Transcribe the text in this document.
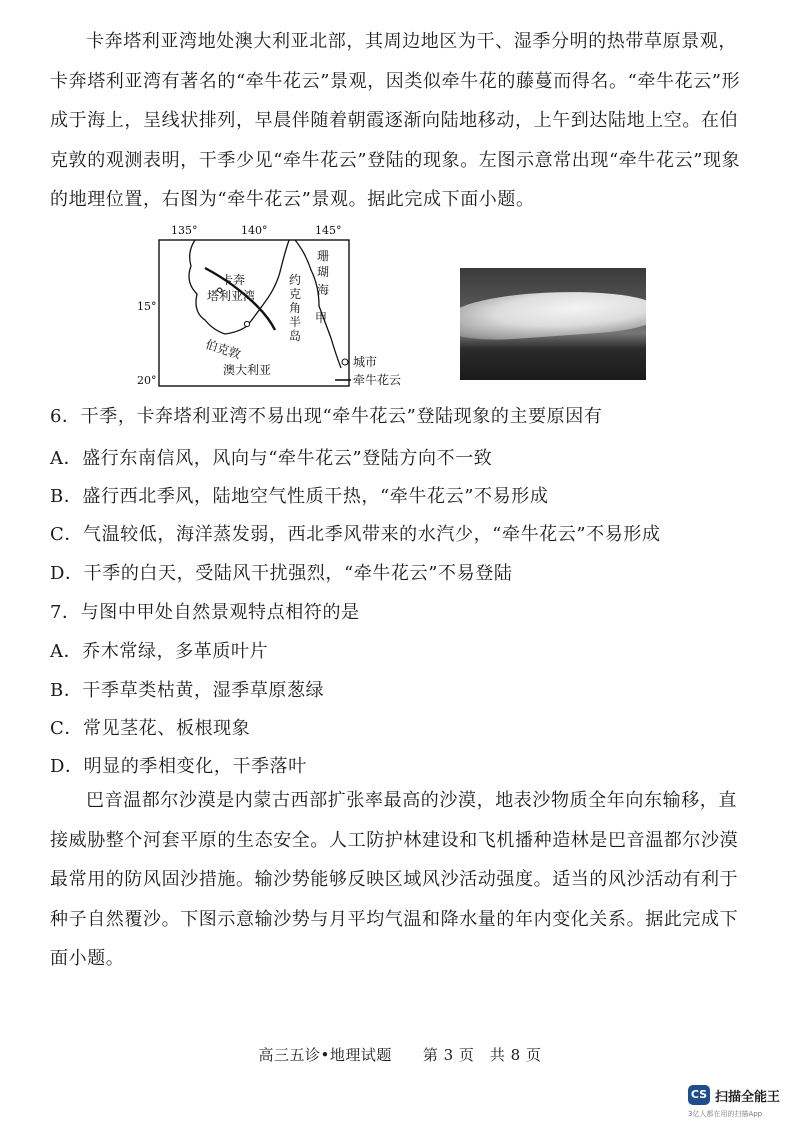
卡奔塔利亚湾地处澳大利亚北部，其周边地区为干、湿季分明的热带草原景观，卡奔塔利亚湾有著名的“牵牛花云”景观，因类似牵牛花的藤蔓而得名。“牵牛花云”形成于海上，呈线状排列，早晨伴随着朝霞逐渐向陆地移动，上午到达陆地上空。在伯克敦的观测表明，干季少见“牵牛花云”登陆的现象。左图示意常出现“牵牛花云”现象的地理位置，右图为“牵牛花云”景观。据此完成下面小题。

135°	140°	145°
15°
20°
卡奔
塔利亚湾
约
克
角
半
岛
珊
瑚
海
甲
伯克敦
澳大利亚
城市
牵牛花云

6．干季，卡奔塔利亚湾不易出现“牵牛花云”登陆现象的主要原因有

A．盛行东南信风，风向与“牵牛花云”登陆方向不一致

B．盛行西北季风，陆地空气性质干热，“牵牛花云”不易形成

C．气温较低，海洋蒸发弱，西北季风带来的水汽少，“牵牛花云”不易形成

D．干季的白天，受陆风干扰强烈，“牵牛花云”不易登陆

7．与图中甲处自然景观特点相符的是

A．乔木常绿，多革质叶片

B．干季草类枯黄，湿季草原葱绿

C．常见茎花、板根现象

D．明显的季相变化，干季落叶

巴音温都尔沙漠是内蒙古西部扩张率最高的沙漠，地表沙物质全年向东输移，直接威胁整个河套平原的生态安全。人工防护林建设和飞机播种造林是巴音温都尔沙漠最常用的防风固沙措施。输沙势能够反映区域风沙活动强度。适当的风沙活动有利于种子自然覆沙。下图示意输沙势与月平均气温和降水量的年内变化关系。据此完成下面小题。

高三五诊•地理试题　　第 3 页　共 8 页
CS 扫描全能王
3亿人都在用的扫描App
